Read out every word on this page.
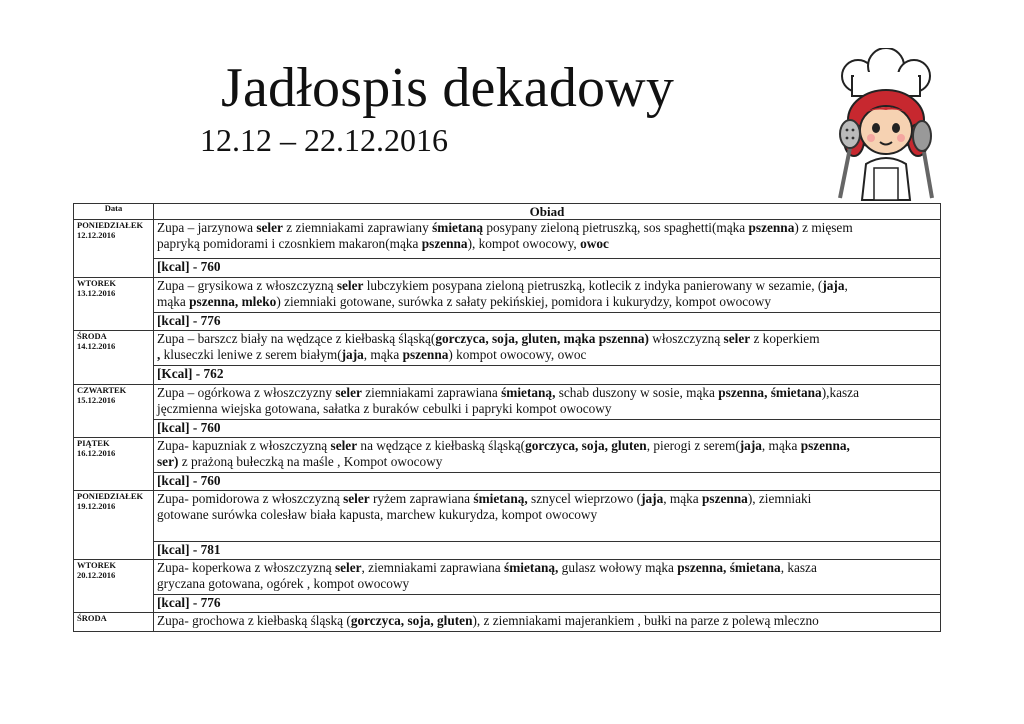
Jadłospis dekadowy
12.12 – 22.12.2016
Data	Obiad

PONIEDZIAŁEK
12.12.2016	Zupa – jarzynowa seler z ziemniakami zaprawiany śmietaną posypany zieloną pietruszką, sos spaghetti(mąka pszenna) z mięsem
papryką pomidorami i czosnkiem makaron(mąka pszenna), kompot owocowy, owoc

	[kcal] - 760

WTOREK
13.12.2016	Zupa – grysikowa z włoszczyzną seler lubczykiem posypana zieloną pietruszką, kotlecik z indyka panierowany w sezamie, (jaja,
mąka pszenna, mleko) ziemniaki gotowane, surówka z sałaty pekińskiej, pomidora i kukurydzy, kompot owocowy

	[kcal] - 776

ŚRODA
14.12.2016	Zupa – barszcz biały na wędzące z kiełbaską śląską(gorczyca, soja, gluten, mąka pszenna) włoszczyzną seler z koperkiem
, kluseczki leniwe z serem białym(jaja, mąka pszenna) kompot owocowy, owoc

	[Kcal] - 762

CZWARTEK
15.12.2016	Zupa – ogórkowa z włoszczyzny seler ziemniakami zaprawiana śmietaną, schab duszony w sosie, mąka pszenna, śmietana),kasza
jęczmienna wiejska gotowana, sałatka z buraków cebulki i papryki kompot owocowy

	[kcal] - 760

PIĄTEK
16.12.2016	Zupa- kapuzniak z włoszczyzną seler na wędzące z kiełbaską śląską(gorczyca, soja, gluten, pierogi z serem(jaja, mąka pszenna,
ser) z prażoną bułeczką na maśle , Kompot owocowy

	[kcal] - 760

PONIEDZIAŁEK
19.12.2016	Zupa- pomidorowa z włoszczyzną seler ryżem zaprawiana śmietaną, sznycel wieprzowo (jaja, mąka pszenna), ziemniaki
gotowane surówka colesław biała kapusta, marchew kukurydza, kompot owocowy

	[kcal] - 781

WTOREK
20.12.2016	Zupa- koperkowa z włoszczyzną seler, ziemniakami zaprawiana śmietaną, gulasz wołowy mąka pszenna, śmietana, kasza
gryczana gotowana, ogórek , kompot owocowy

	[kcal] - 776

ŚRODA	Zupa- grochowa z kiełbaską śląską (gorczyca, soja, gluten), z ziemniakami majerankiem , bułki na parze z polewą mleczno
